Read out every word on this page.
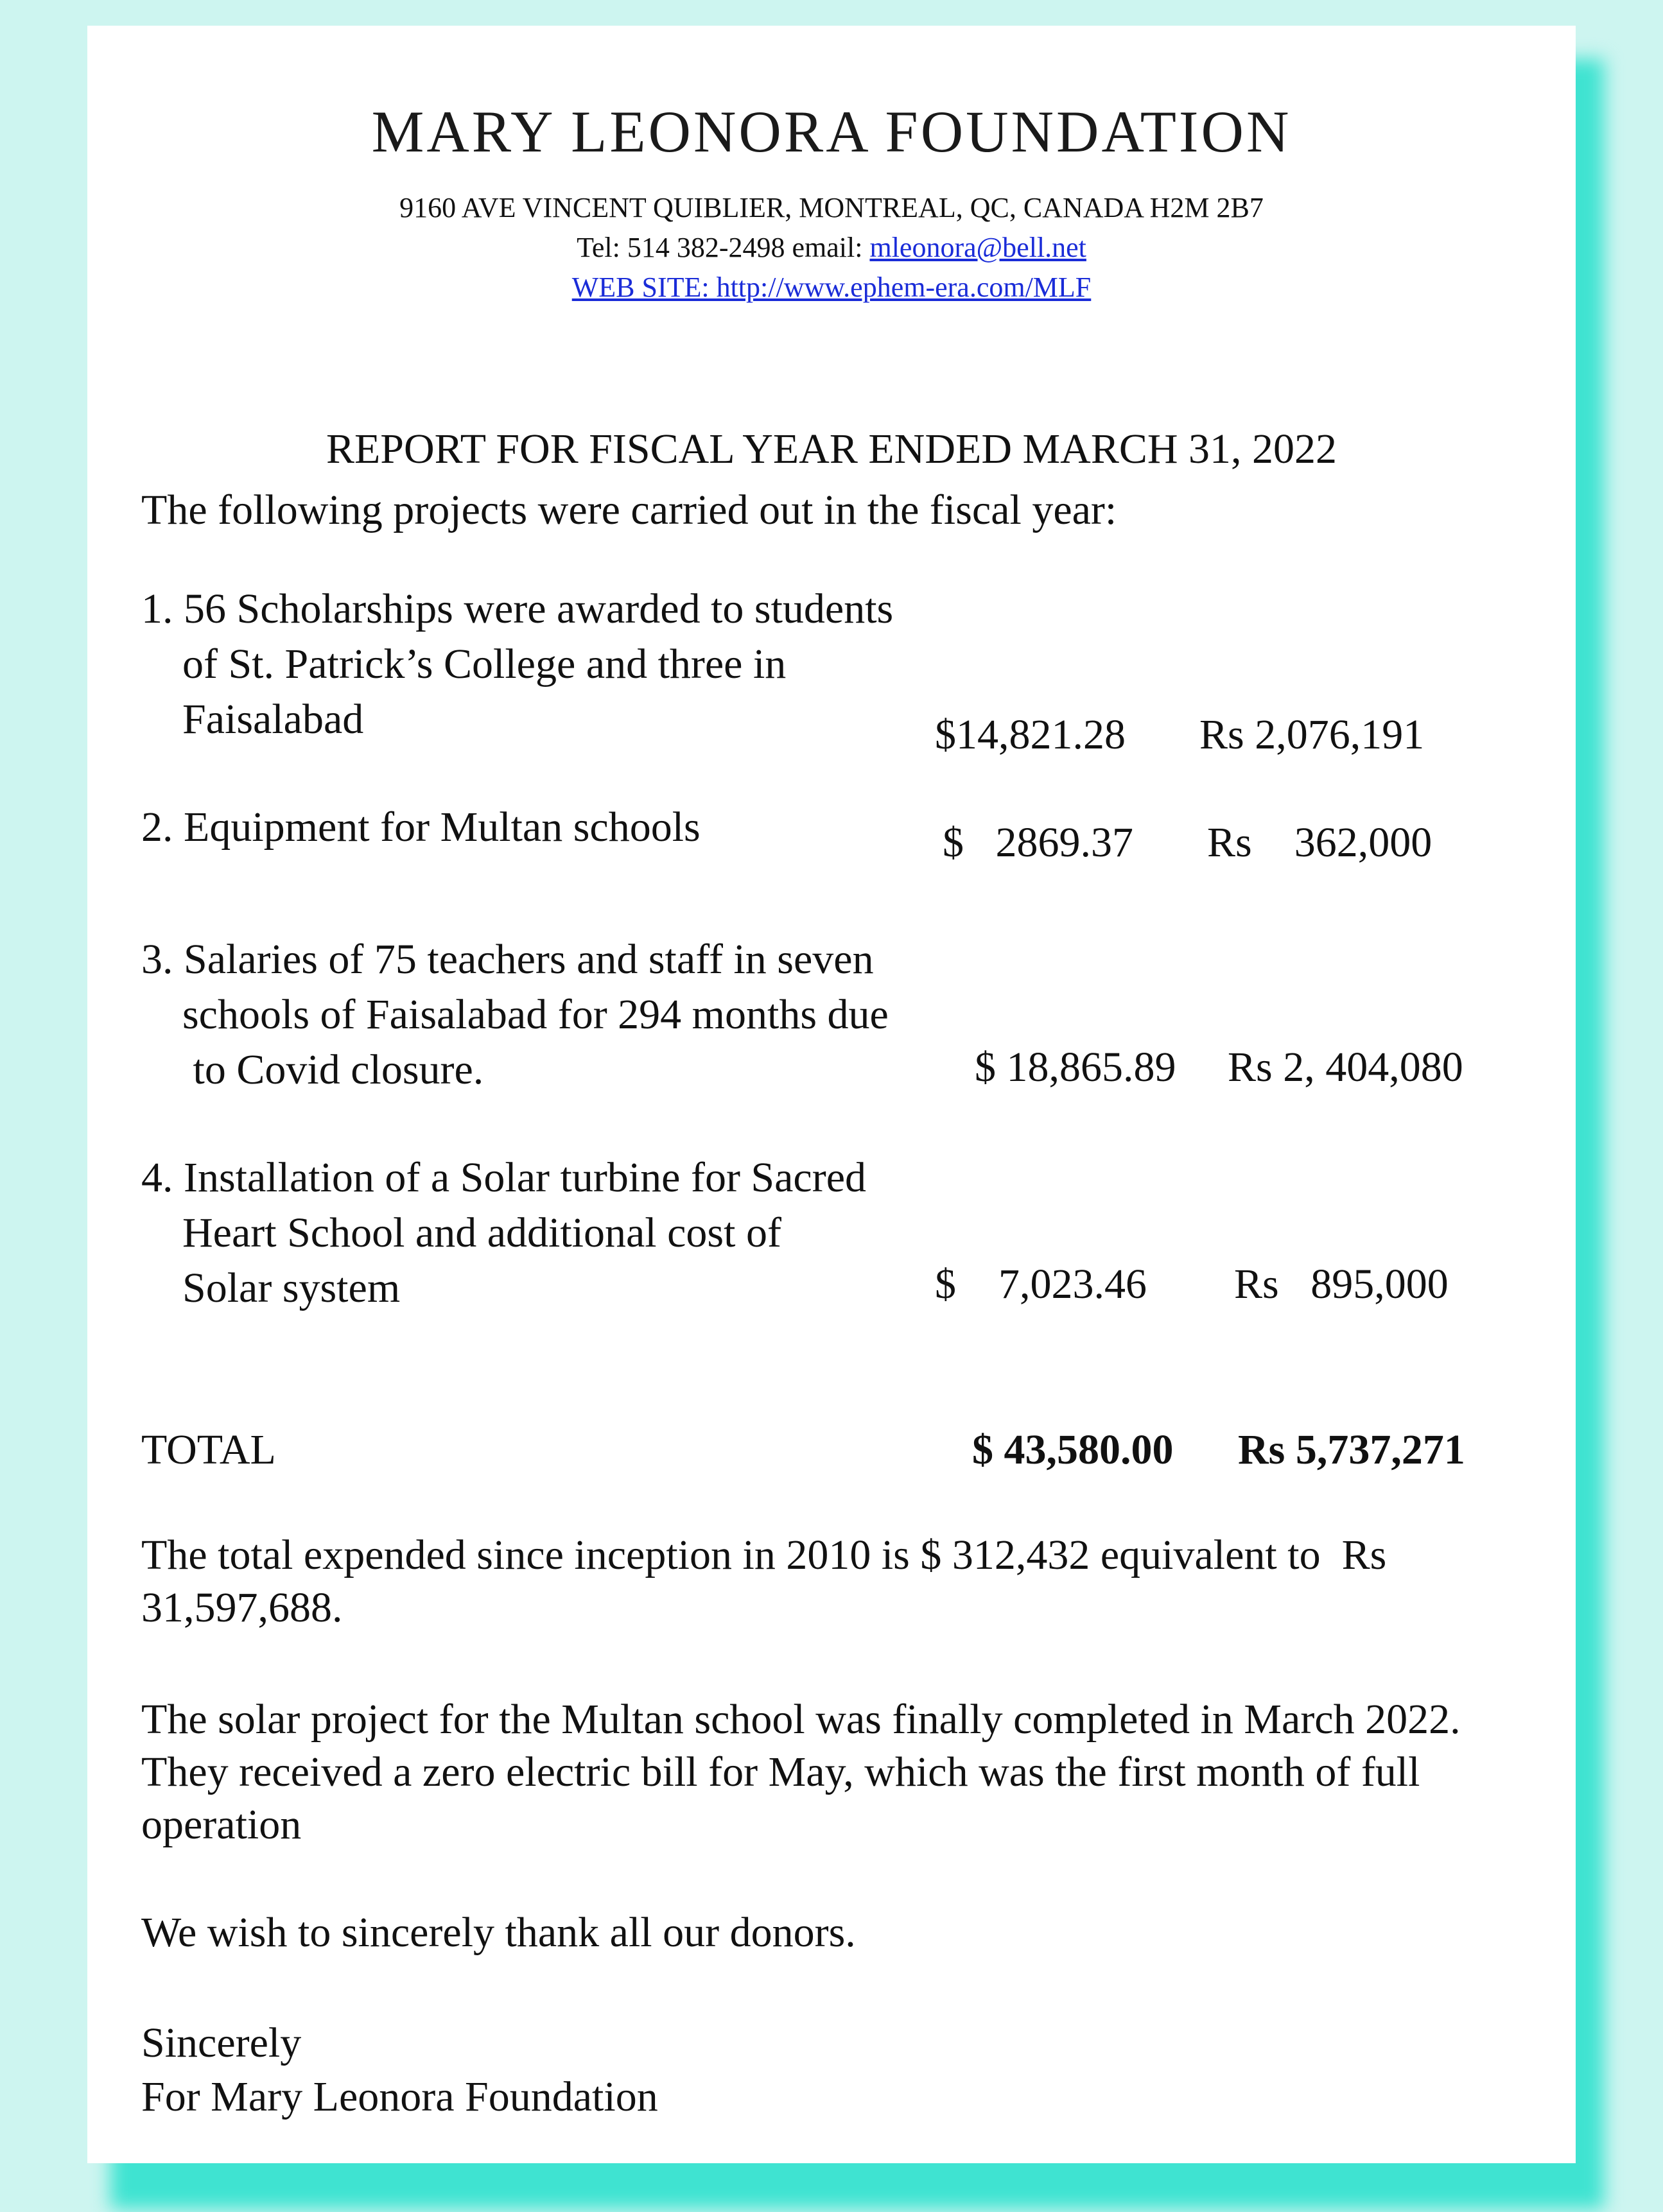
MARY LEONORA FOUNDATION
9160 AVE VINCENT QUIBLIER, MONTREAL, QC, CANADA H2M 2B7
Tel: 514 382-2498 email: mleonora@bell.net
WEB SITE: http://www.ephem-era.com/MLF
REPORT FOR FISCAL YEAR ENDED MARCH 31, 2022
The following projects were carried out in the fiscal year:
1. 56 Scholarships were awarded to students
of St. Patrick’s College and three in
Faisalabad	$14,821.28 Rs 2,076,191
2. Equipment for Multan schools	$   2869.37 Rs    362,000
3. Salaries of 75 teachers and staff in seven
schools of Faisalabad for 294 months due
to Covid closure.	$ 18,865.89 Rs 2, 404,080
4. Installation of a Solar turbine for Sacred
Heart School and additional cost of
Solar system	$    7,023.46 Rs   895,000
TOTAL	$ 43,580.00 Rs 5,737,271
The total expended since inception in 2010 is $ 312,432 equivalent to  Rs 31,597,688.
The solar project for the Multan school was finally completed in March 2022. They received a zero electric bill for May, which was the first month of full operation
We wish to sincerely thank all our donors.
Sincerely
For Mary Leonora Foundation
